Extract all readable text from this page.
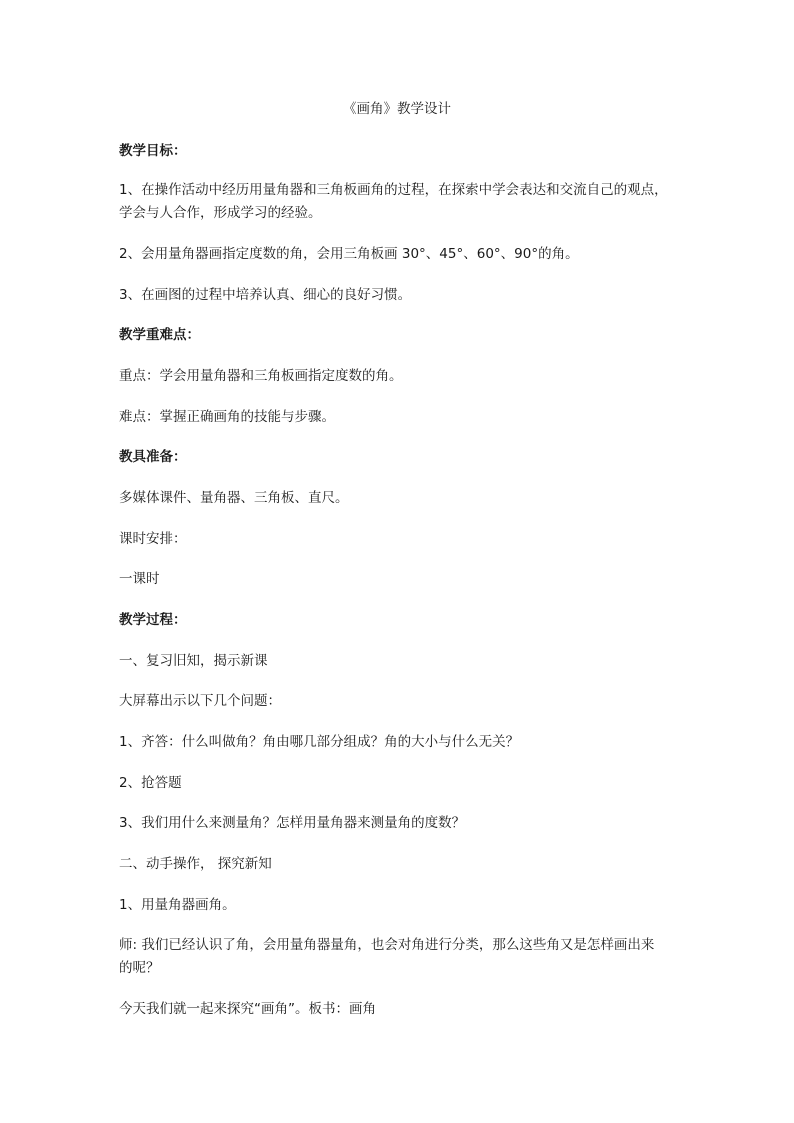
《画角》教学设计
教学目标：
1、在操作活动中经历用量角器和三角板画角的过程，在探索中学会表达和交流自己的观点，
学会与人合作，形成学习的经验。
2、会用量角器画指定度数的角，会用三角板画 30°、45°、60°、90°的角。
3、在画图的过程中培养认真、细心的良好习惯。
教学重难点：
重点：学会用量角器和三角板画指定度数的角。
难点：掌握正确画角的技能与步骤。
教具准备：
多媒体课件、量角器、三角板、直尺。
课时安排：
一课时
教学过程：
一、复习旧知，揭示新课
大屏幕出示以下几个问题：
1、齐答：什么叫做角？角由哪几部分组成？角的大小与什么无关？
2、抢答题
3、我们用什么来测量角？怎样用量角器来测量角的度数？
二、动手操作， 探究新知
1、用量角器画角。
师: 我们已经认识了角，会用量角器量角，也会对角进行分类，那么这些角又是怎样画出来
的呢？
今天我们就一起来探究“画角”。板书：画角
